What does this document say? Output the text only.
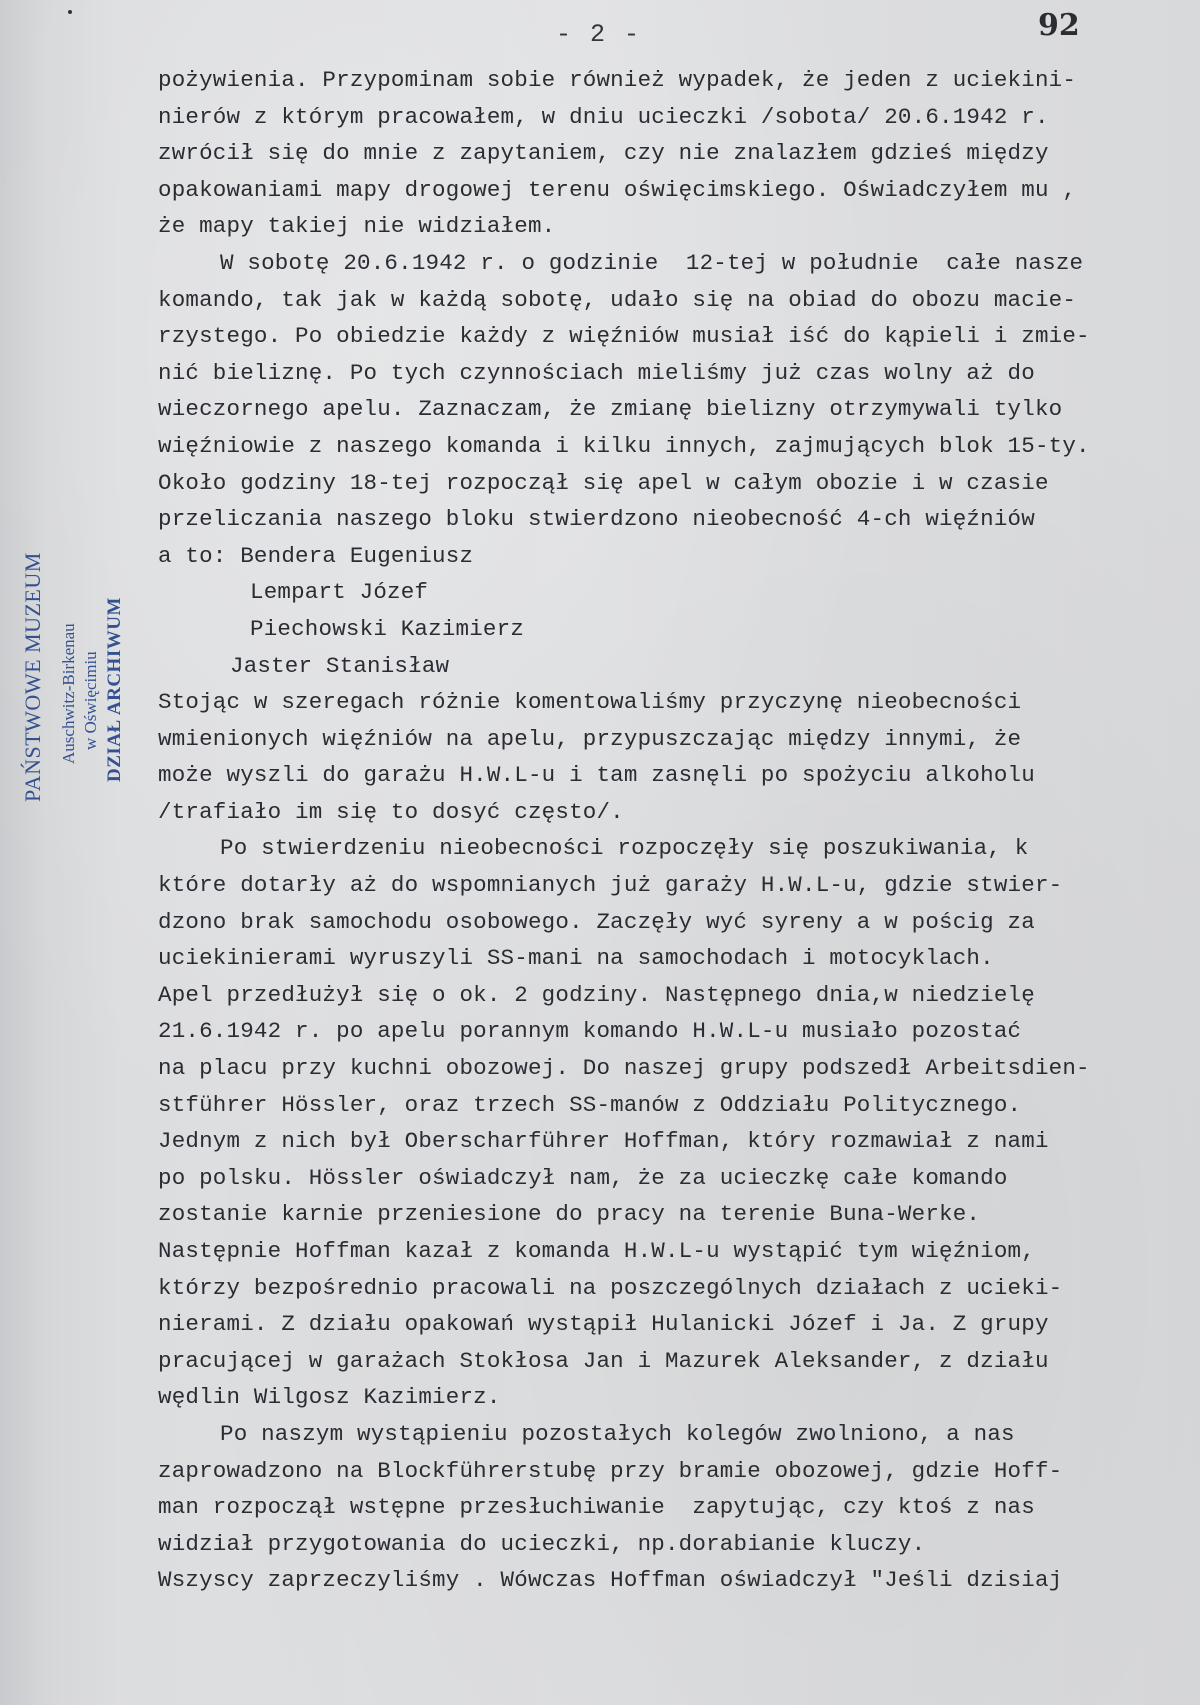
- 2 -	92
PAŃSTWOWE MUZEUM Auschwitz-Birkenau w Oświęcimiu DZIAŁ ARCHIWUM
pożywienia. Przypominam sobie również wypadek, że jeden z uciekini-
nierów z którym pracowałem, w dniu ucieczki /sobota/ 20.6.1942 r.
zwrócił się do mnie z zapytaniem, czy nie znalazłem gdzieś między
opakowaniami mapy drogowej terenu oświęcimskiego. Oświadczyłem mu ,
że mapy takiej nie widziałem.
W sobotę 20.6.1942 r. o godzinie  12-tej w południe  całe nasze
komando, tak jak w każdą sobotę, udało się na obiad do obozu macie-
rzystego. Po obiedzie każdy z więźniów musiał iść do kąpieli i zmie-
nić bieliznę. Po tych czynnościach mieliśmy już czas wolny aż do
wieczornego apelu. Zaznaczam, że zmianę bielizny otrzymywali tylko
więźniowie z naszego komanda i kilku innych, zajmujących blok 15-ty.
Około godziny 18-tej rozpoczął się apel w całym obozie i w czasie
przeliczania naszego bloku stwierdzono nieobecność 4-ch więźniów
a to: Bendera Eugeniusz
Lempart Józef
Piechowski Kazimierz
Jaster Stanisław
Stojąc w szeregach różnie komentowaliśmy przyczynę nieobecności
wmienionych więźniów na apelu, przypuszczając między innymi, że
może wyszli do garażu H.W.L-u i tam zasnęli po spożyciu alkoholu
/trafiało im się to dosyć często/.
Po stwierdzeniu nieobecności rozpoczęły się poszukiwania, k
które dotarły aż do wspomnianych już garaży H.W.L-u, gdzie stwier-
dzono brak samochodu osobowego. Zaczęły wyć syreny a w pościg za
uciekinierami wyruszyli SS-mani na samochodach i motocyklach.
Apel przedłużył się o ok. 2 godziny. Następnego dnia,w niedzielę
21.6.1942 r. po apelu porannym komando H.W.L-u musiało pozostać
na placu przy kuchni obozowej. Do naszej grupy podszedł Arbeitsdien-
stführer Hössler, oraz trzech SS-manów z Oddziału Politycznego.
Jednym z nich był Oberscharführer Hoffman, który rozmawiał z nami
po polsku. Hössler oświadczył nam, że za ucieczkę całe komando
zostanie karnie przeniesione do pracy na terenie Buna-Werke.
Następnie Hoffman kazał z komanda H.W.L-u wystąpić tym więźniom,
którzy bezpośrednio pracowali na poszczególnych działach z ucieki-
nierami. Z działu opakowań wystąpił Hulanicki Józef i Ja. Z grupy
pracującej w garażach Stokłosa Jan i Mazurek Aleksander, z działu
wędlin Wilgosz Kazimierz.
Po naszym wystąpieniu pozostałych kolegów zwolniono, a nas
zaprowadzono na Blockführerstubę przy bramie obozowej, gdzie Hoff-
man rozpoczął wstępne przesłuchiwanie  zapytując, czy ktoś z nas
widział przygotowania do ucieczki, np.dorabianie kluczy.
Wszyscy zaprzeczyliśmy . Wówczas Hoffman oświadczył "Jeśli dzisiaj
